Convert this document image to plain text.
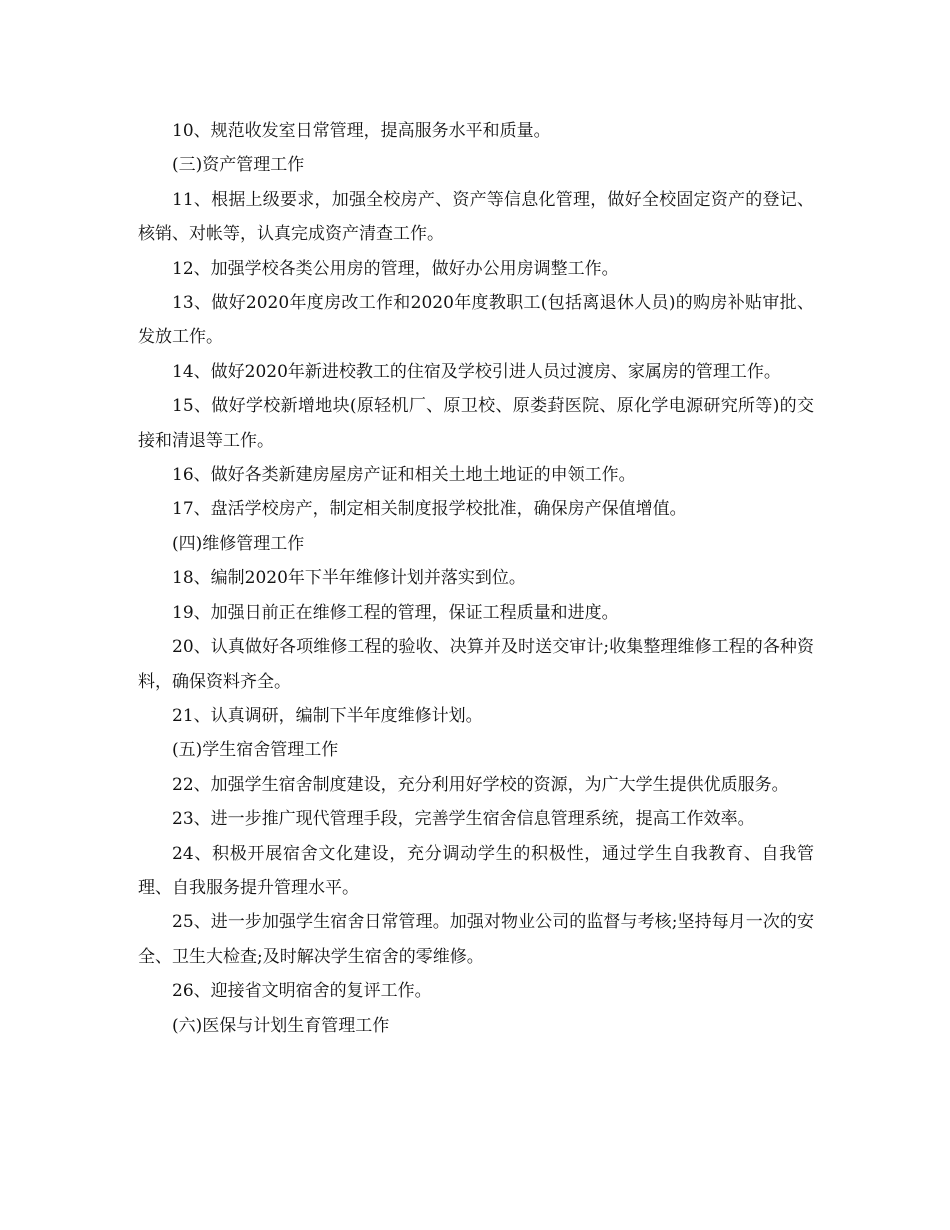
10、规范收发室日常管理，提高服务水平和质量。

(三)资产管理工作

11、根据上级要求，加强全校房产、资产等信息化管理，做好全校固定资产的登记、核销、对帐等，认真完成资产清查工作。

12、加强学校各类公用房的管理，做好办公用房调整工作。

13、做好2020年度房改工作和2020年度教职工(包括离退休人员)的购房补贴审批、发放工作。

14、做好2020年新进校教工的住宿及学校引进人员过渡房、家属房的管理工作。

15、做好学校新增地块(原轻机厂、原卫校、原娄葑医院、原化学电源研究所等)的交接和清退等工作。

16、做好各类新建房屋房产证和相关土地土地证的申领工作。

17、盘活学校房产，制定相关制度报学校批准，确保房产保值增值。

(四)维修管理工作

18、编制2020年下半年维修计划并落实到位。

19、加强日前正在维修工程的管理，保证工程质量和进度。

20、认真做好各项维修工程的验收、决算并及时送交审计;收集整理维修工程的各种资料，确保资料齐全。

21、认真调研，编制下半年度维修计划。

(五)学生宿舍管理工作

22、加强学生宿舍制度建设，充分利用好学校的资源，为广大学生提供优质服务。

23、进一步推广现代管理手段，完善学生宿舍信息管理系统，提高工作效率。

24、积极开展宿舍文化建设，充分调动学生的积极性，通过学生自我教育、自我管理、自我服务提升管理水平。

25、进一步加强学生宿舍日常管理。加强对物业公司的监督与考核;坚持每月一次的安全、卫生大检查;及时解决学生宿舍的零维修。

26、迎接省文明宿舍的复评工作。

(六)医保与计划生育管理工作
